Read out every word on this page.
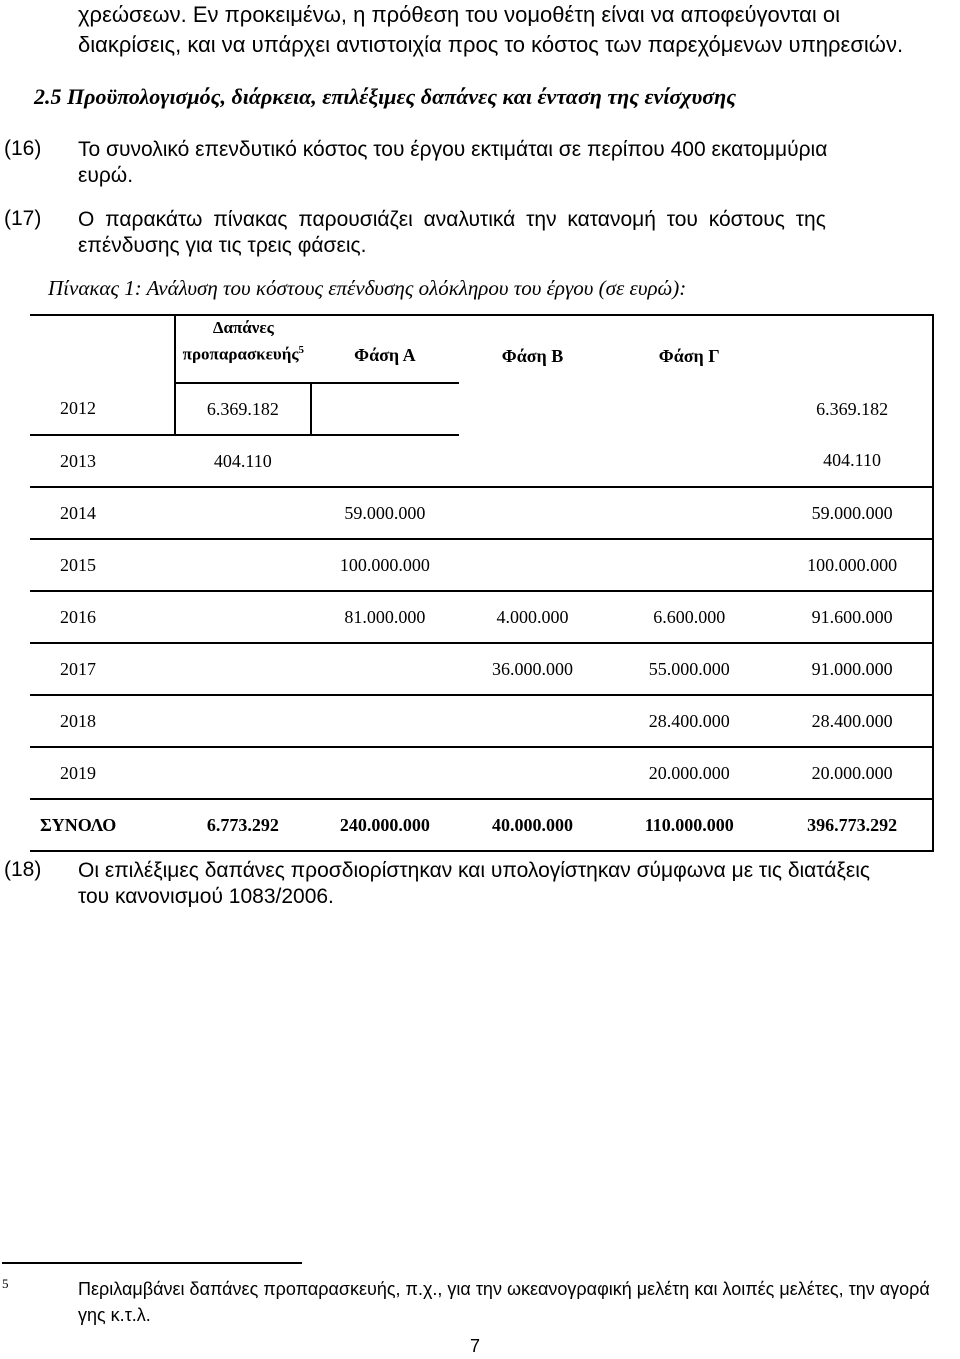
χρεώσεων. Εν προκειμένω, η πρόθεση του νομοθέτη είναι να αποφεύγονται οι
διακρίσεις, και να υπάρχει αντιστοιχία προς το κόστος των παρεχόμενων υπηρεσιών.
2.5 Προϋπολογισμός, διάρκεια, επιλέξιμες δαπάνες και ένταση της ενίσχυσης
(16) Το συνολικό επενδυτικό κόστος του έργου εκτιμάται σε περίπου 400 εκατομμύρια
ευρώ.
(17) Ο παρακάτω πίνακας παρουσιάζει αναλυτικά την κατανομή του κόστους της
επένδυσης για τις τρεις φάσεις.
Πίνακας 1: Ανάλυση του κόστους επένδυσης ολόκληρου του έργου (σε ευρώ):
	Δαπάνες
προπαρασκευής$^5$	Φάση Α	Φάση Β	Φάση Γ	
2012	6.369.182				6.369.182
2013	404.110				404.110
2014		59.000.000			59.000.000
2015		100.000.000			100.000.000
2016		81.000.000	4.000.000	6.600.000	91.600.000
2017			36.000.000	55.000.000	91.000.000
2018				28.400.000	28.400.000
2019				20.000.000	20.000.000
ΣΥΝΟΛΟ	6.773.292	240.000.000	40.000.000	110.000.000	396.773.292
(18) Οι επιλέξιμες δαπάνες προσδιορίστηκαν και υπολογίστηκαν σύμφωνα με τις διατάξεις
του κανονισμού 1083/2006.
5	Περιλαμβάνει δαπάνες προπαρασκευής, π.χ., για την ωκεανογραφική μελέτη και λοιπές μελέτες, την αγορά γης κ.τ.λ.
7
